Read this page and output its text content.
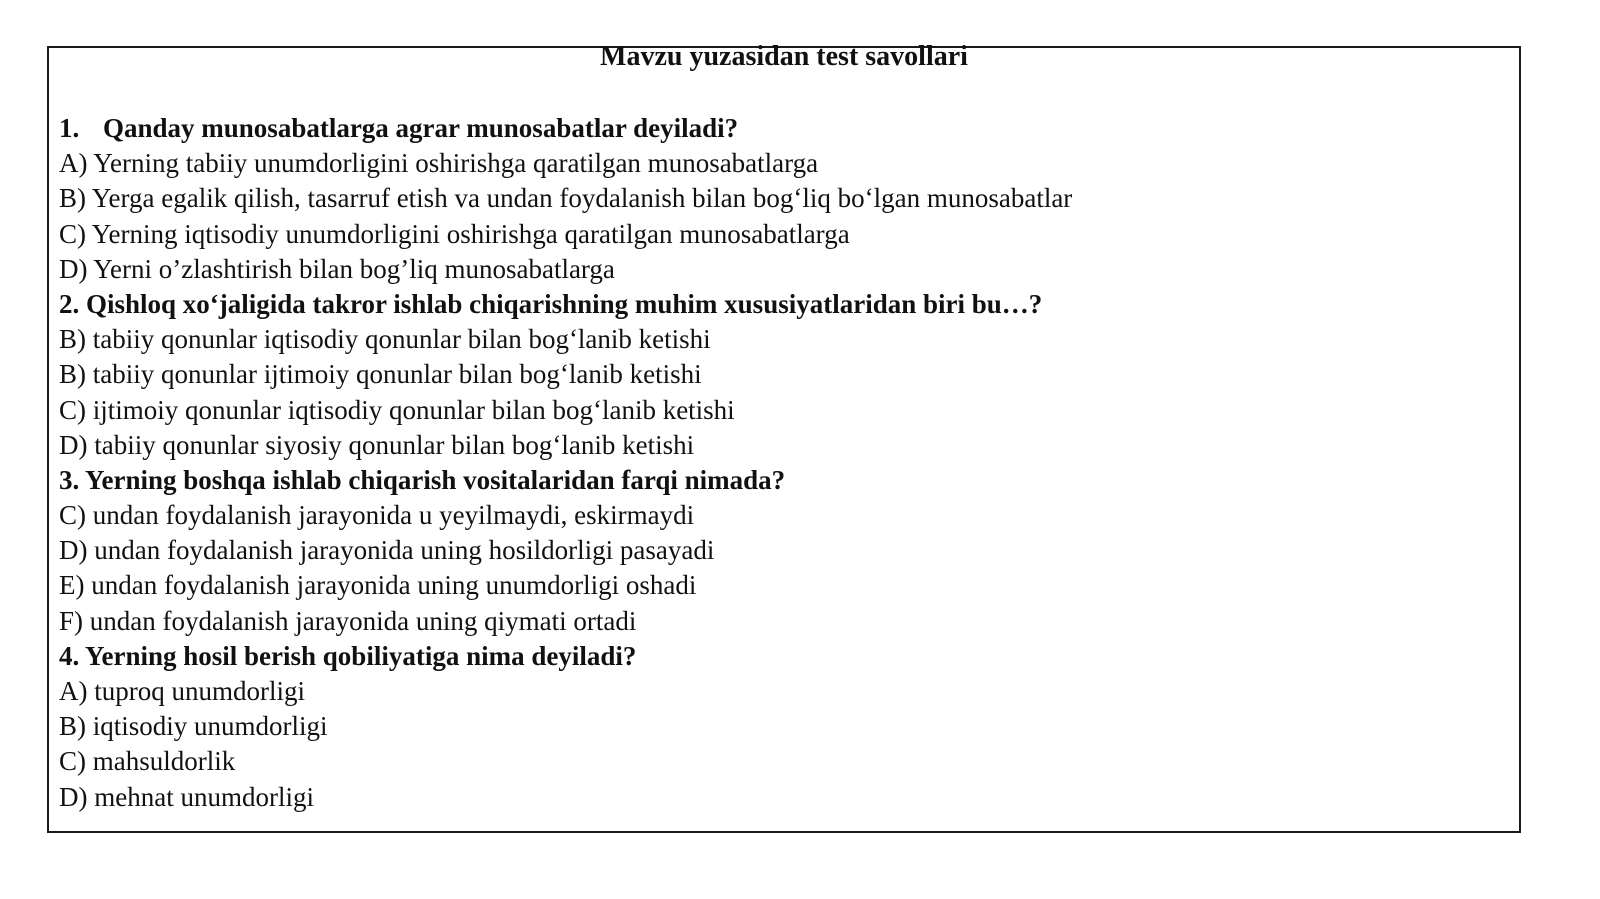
Mavzu yuzasidan test savollari

1. Qanday munosabatlarga agrar munosabatlar deyiladi?

A) Yerning tabiiy unumdorligini oshirishga qaratilgan munosabatlarga

B) Yerga egalik qilish, tasarruf etish va undan foydalanish bilan bog‘liq bo‘lgan munosabatlar

C) Yerning iqtisodiy unumdorligini oshirishga qaratilgan munosabatlarga

D) Yerni o’zlashtirish bilan bog’liq munosabatlarga

2. Qishloq xo‘jaligida takror ishlab chiqarishning muhim xususiyatlaridan biri bu…?

B) tabiiy qonunlar iqtisodiy qonunlar bilan bog‘lanib ketishi

B) tabiiy qonunlar ijtimoiy qonunlar bilan bog‘lanib ketishi

C) ijtimoiy qonunlar iqtisodiy qonunlar bilan bog‘lanib ketishi

D) tabiiy qonunlar siyosiy qonunlar bilan bog‘lanib ketishi

3. Yerning boshqa ishlab chiqarish vositalaridan farqi nimada?

C) undan foydalanish jarayonida u yeyilmaydi, eskirmaydi

D) undan foydalanish jarayonida uning hosildorligi pasayadi

E) undan foydalanish jarayonida uning unumdorligi oshadi

F) undan foydalanish jarayonida uning qiymati ortadi

4. Yerning hosil berish qobiliyatiga nima deyiladi?

A) tuproq unumdorligi

B) iqtisodiy unumdorligi

C) mahsuldorlik

D) mehnat unumdorligi
